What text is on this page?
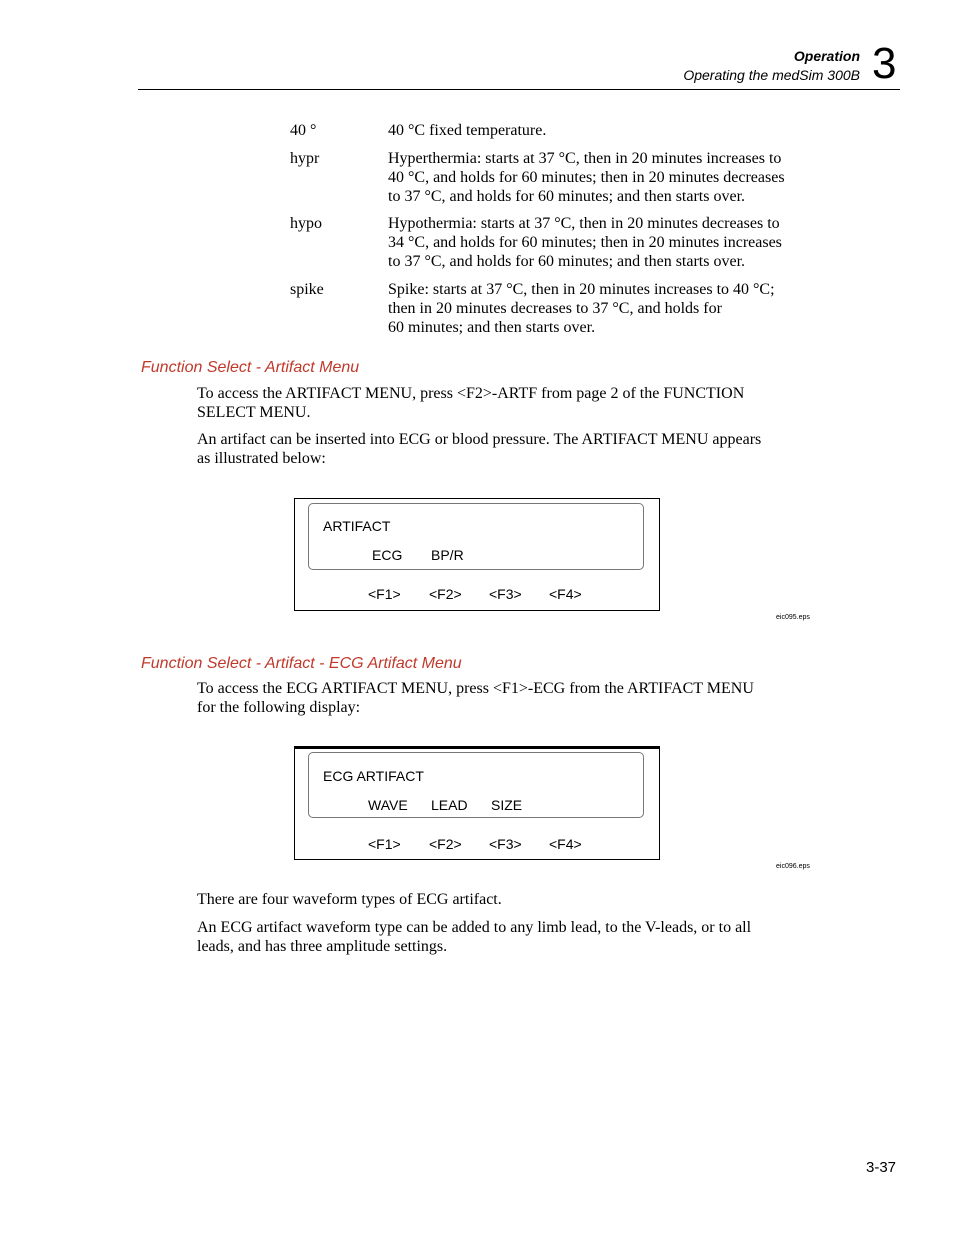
Operation
Operating the medSim 300B 3
40 °	40 °C fixed temperature.
hypr	Hyperthermia: starts at 37 °C, then in 20 minutes increases to
40 °C, and holds for 60 minutes; then in 20 minutes decreases
to 37 °C, and holds for 60 minutes; and then starts over.
hypo	Hypothermia: starts at 37 °C, then in 20 minutes decreases to
34 °C, and holds for 60 minutes; then in 20 minutes increases
to 37 °C, and holds for 60 minutes; and then starts over.
spike	Spike: starts at 37 °C, then in 20 minutes increases to 40 °C;
then in 20 minutes decreases to 37 °C, and holds for
60 minutes; and then starts over.
Function Select - Artifact Menu
To access the ARTIFACT MENU, press <F2>-ARTF from page 2 of the FUNCTION
SELECT MENU.
An artifact can be inserted into ECG or blood pressure. The ARTIFACT MENU appears
as illustrated below:
ARTIFACT
ECG BP/R
<F1> <F2> <F3> <F4>
eic095.eps
Function Select - Artifact - ECG Artifact Menu
To access the ECG ARTIFACT MENU, press <F1>-ECG from the ARTIFACT MENU
for the following display:
ECG ARTIFACT
WAVE LEAD SIZE
<F1> <F2> <F3> <F4>
eic096.eps
There are four waveform types of ECG artifact.
An ECG artifact waveform type can be added to any limb lead, to the V-leads, or to all
leads, and has three amplitude settings.
3-37
